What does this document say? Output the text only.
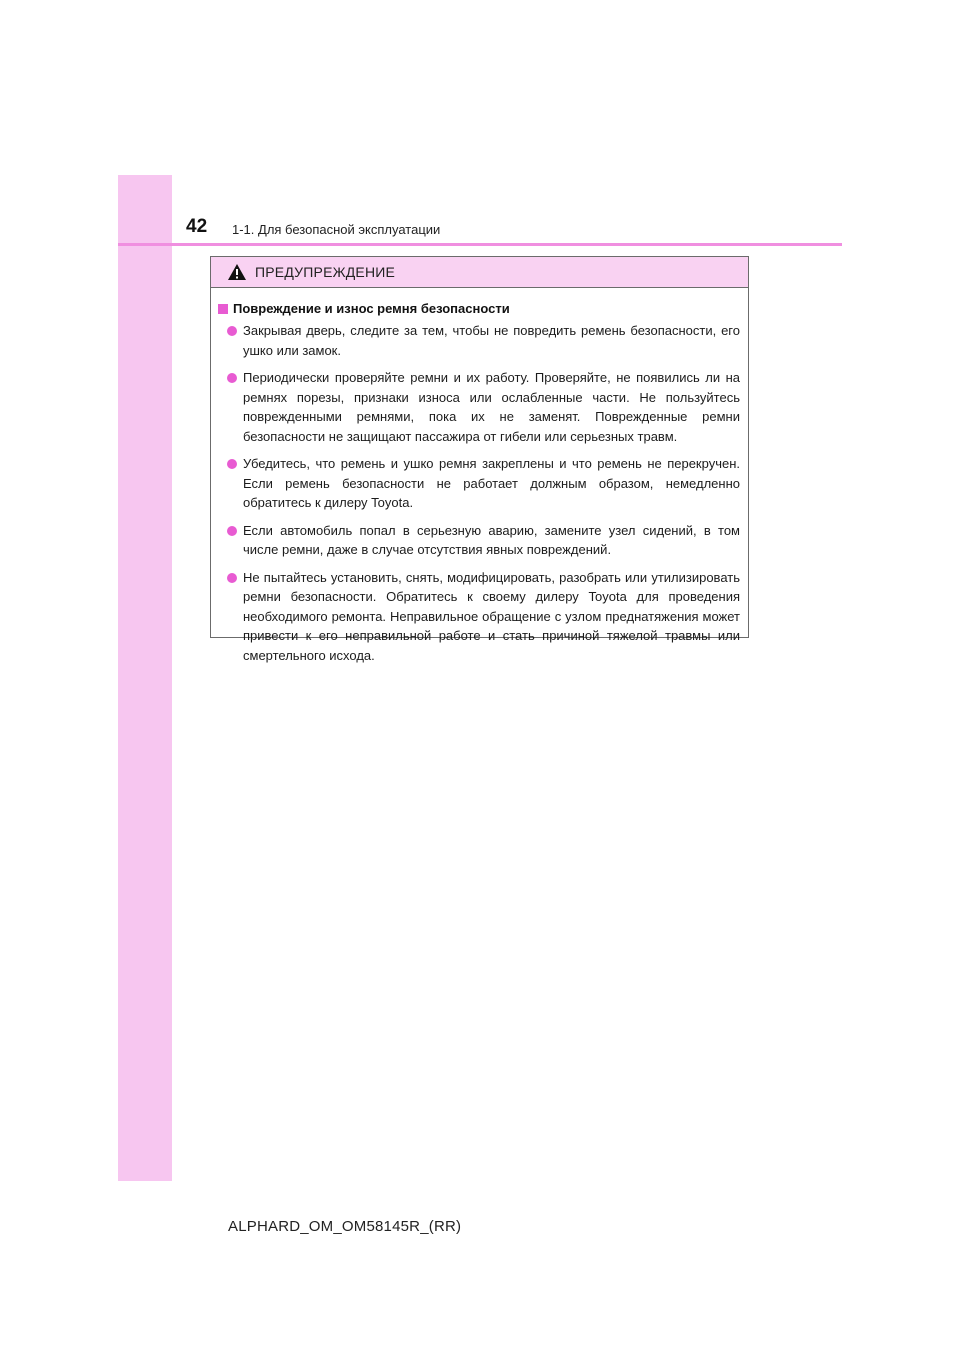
42 1-1. Для безопасной эксплуатации
ПРЕДУПРЕЖДЕНИЕ
Повреждение и износ ремня безопасности
Закрывая дверь, следите за тем, чтобы не повредить ремень безопасности, его ушко или замок.
Периодически проверяйте ремни и их работу. Проверяйте, не появились ли на ремнях порезы, признаки износа или ослабленные части. Не пользуйтесь поврежденными ремнями, пока их не заменят. Поврежденные ремни безопасности не защищают пассажира от гибели или серьезных травм.
Убедитесь, что ремень и ушко ремня закреплены и что ремень не перекручен. Если ремень безопасности не работает должным образом, немедленно обратитесь к дилеру Toyota.
Если автомобиль попал в серьезную аварию, замените узел сидений, в том числе ремни, даже в случае отсутствия явных повреждений.
Не пытайтесь установить, снять, модифицировать, разобрать или утилизировать ремни безопасности. Обратитесь к своему дилеру Toyota для проведения необходимого ремонта. Неправильное обращение с узлом преднатяжения может привести к его неправильной работе и стать причиной тяжелой травмы или смертельного исхода.
ALPHARD_OM_OM58145R_(RR)
